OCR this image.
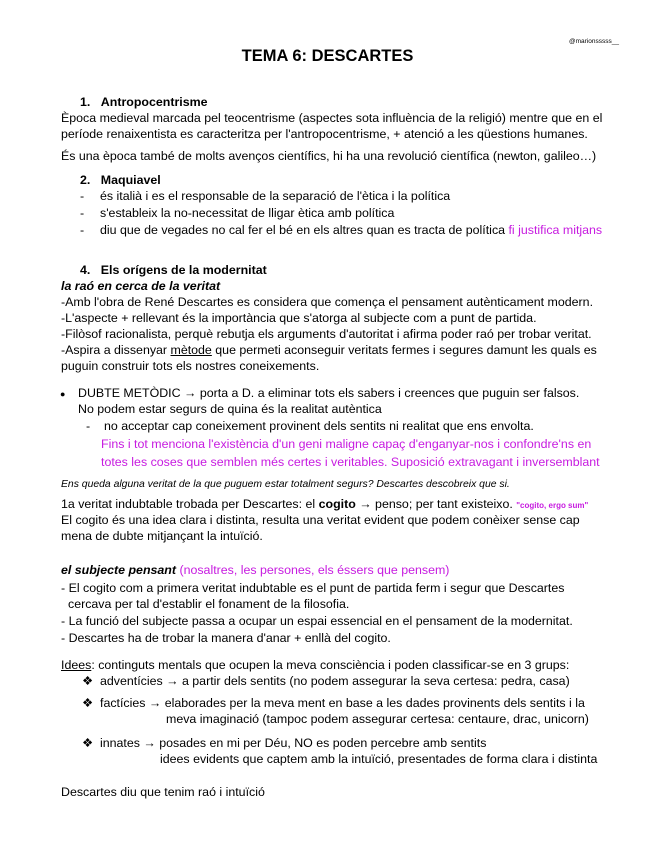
@marionsssss__
TEMA 6: DESCARTES
1. Antropocentrisme
Època medieval marcada pel teocentrisme (aspectes sota influència de la religió) mentre que en el
període renaixentista es caracteritza per l'antropocentrisme, + atenció a les qüestions humanes.
És una època també de molts avenços científics, hi ha una revolució científica (newton, galileo…)
2. Maquiavel
- és italià i es el responsable de la separació de l'ètica i la política
- s'estableix la no-necessitat de lligar ètica amb política
- diu que de vegades no cal fer el bé en els altres quan es tracta de política fi justifica mitjans
4. Els orígens de la modernitat
la raó en cerca de la veritat
-Amb l'obra de René Descartes es considera que comença el pensament autènticament modern.
-L'aspecte + rellevant és la importància que s'atorga al subjecte com a punt de partida.
-Filòsof racionalista, perquè rebutja els arguments d'autoritat i afirma poder raó per trobar veritat.
-Aspira a dissenyar mètode que permeti aconseguir veritats fermes i segures damunt les quals es
puguin construir tots els nostres coneixements.
● DUBTE METÒDIC → porta a D. a eliminar tots els sabers i creences que puguin ser falsos.
No podem estar segurs de quina és la realitat autèntica
- no acceptar cap coneixement provinent dels sentits ni realitat que ens envolta.
Fins i tot menciona l'existència d'un geni maligne capaç d'enganyar-nos i confondre'ns en
totes les coses que semblen més certes i veritables. Suposició extravagant i inversemblant
Ens queda alguna veritat de la que puguem estar totalment segurs? Descartes descobreix que si.
1a veritat indubtable trobada per Descartes: el cogito → penso; per tant existeixo. "cogito, ergo sum"
El cogito és una idea clara i distinta, resulta una veritat evident que podem conèixer sense cap
mena de dubte mitjançant la intuïció.
el subjecte pensant (nosaltres, les persones, els éssers que pensem)
- El cogito com a primera veritat indubtable es el punt de partida ferm i segur que Descartes
cercava per tal d'establir el fonament de la filosofia.
- La funció del subjecte passa a ocupar un espai essencial en el pensament de la modernitat.
- Descartes ha de trobar la manera d'anar + enllà del cogito.
Idees: continguts mentals que ocupen la meva consciència i poden classificar-se en 3 grups:
❖ adventícies → a partir dels sentits (no podem assegurar la seva certesa: pedra, casa)
❖ factícies → elaborades per la meva ment en base a les dades provinents dels sentits i la
meva imaginació (tampoc podem assegurar certesa: centaure, drac, unicorn)
❖ innates → posades en mi per Déu, NO es poden percebre amb sentits
idees evidents que captem amb la intuïció, presentades de forma clara i distinta
Descartes diu que tenim raó i intuïció
